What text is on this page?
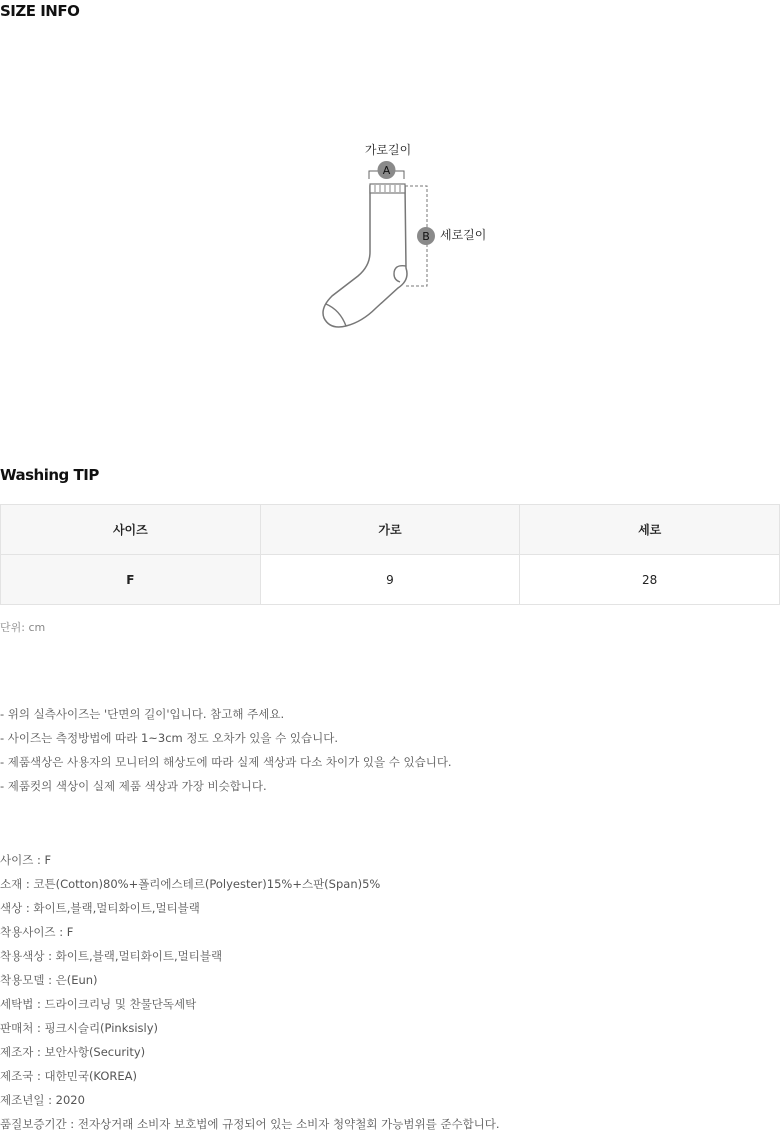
SIZE INFO
가로길이
A
B 세로길이
Washing TIP
사이즈	가로	세로
F	9	28
단위: cm
- 위의 실측사이즈는 '단면의 길이'입니다. 참고해 주세요.
- 사이즈는 측정방법에 따라 1~3cm 정도 오차가 있을 수 있습니다.
- 제품색상은 사용자의 모니터의 해상도에 따라 실제 색상과 다소 차이가 있을 수 있습니다.
- 제품컷의 색상이 실제 제품 색상과 가장 비슷합니다.
사이즈 : F
소재 : 코튼(Cotton)80%+폴리에스테르(Polyester)15%+스판(Span)5%
색상 : 화이트,블랙,멀티화이트,멀티블랙
착용사이즈 : F
착용색상 : 화이트,블랙,멀티화이트,멀티블랙
착용모델 : 은(Eun)
세탁법 : 드라이크리닝 및 찬물단독세탁
판매처 : 핑크시슬리(Pinksisly)
제조자 : 보안사항(Security)
제조국 : 대한민국(KOREA)
제조년일 : 2020
품질보증기간 : 전자상거래 소비자 보호법에 규정되어 있는 소비자 청약철회 가능범위를 준수합니다.
